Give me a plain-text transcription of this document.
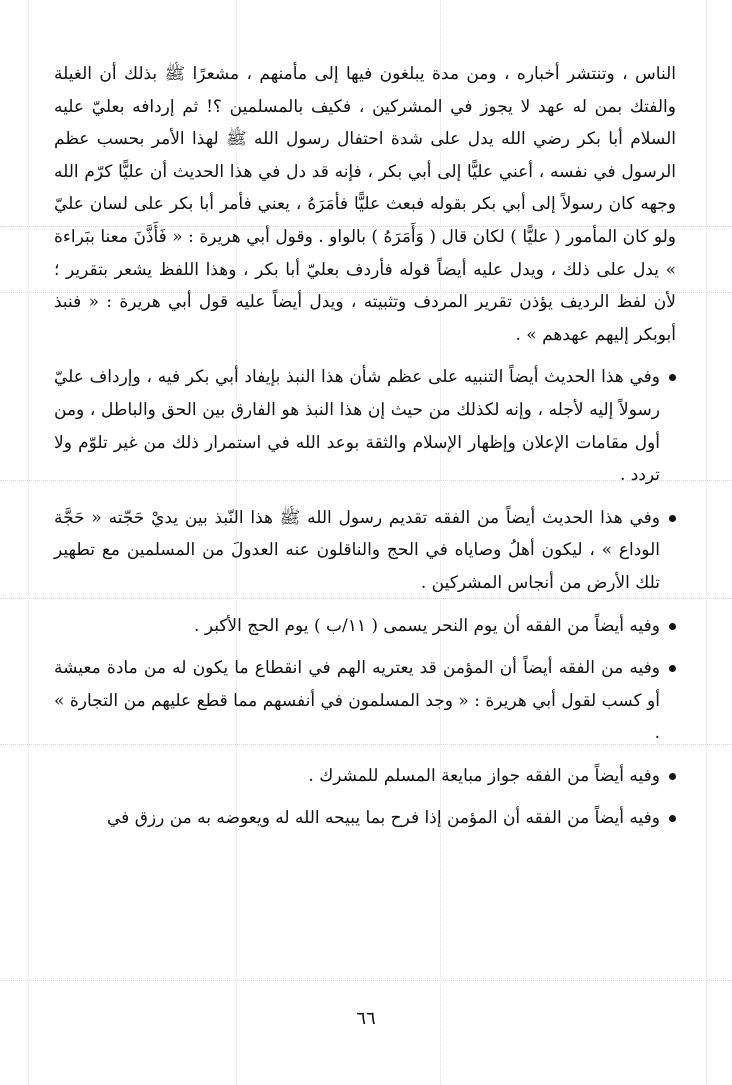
الناس ، وتنتشر أخباره ، ومن مدة يبلغون فيها إلى مأمنهم ، مشعرًا ﷺ بذلك أن الغيلة والفتك بمن له عهد لا يجوز في المشركين ، فكيف بالمسلمين ؟! ثم إردافه بعليّ عليه السلام أبا بكر رضي الله يدل على شدة احتفال رسول الله ﷺ لهذا الأمر بحسب عظم الرسول في نفسه ، أعني عليًّا إلى أبي بكر ، فإنه قد دل في هذا الحديث أن عليًّا كرّم الله وجهه كان رسولاً إلى أبي بكر بقوله فبعث عليًّا فأمَرَهُ ، يعني فأمر أبا بكر على لسان عليّ ولو كان المأمور ( عليًّا ) لكان قال ( وَأَمَرَهُ ) بالواو . وقول أبي هريرة : « فَأَذَّنَ معنا ببَراءة » يدل على ذلك ، ويدل عليه أيضاً قوله فأردف بعليّ أبا بكر ، وهذا اللفظ يشعر بتقرير ؛ لأن لفظ الرديف يؤذن تقرير المردف وتثبيته ، ويدل أيضاً عليه قول أبي هريرة : « فنبذ أبوبكر إليهم عهدهم » .

وفي هذا الحديث أيضاً التنبيه على عظم شأن هذا النبذ بإيفاد أبي بكر فيه ، وإرداف عليّ رسولاً إليه لأجله ، وإنه لكذلك من حيث إن هذا النبذ هو الفارق بين الحق والباطل ، ومن أول مقامات الإعلان وإظهار الإسلام والثقة بوعد الله في استمرار ذلك من غير تلوّم ولا تردد .
وفي هذا الحديث أيضاً من الفقه تقديم رسول الله ﷺ هذا النّبذ بين يديْ حَجّته « حَجَّة الوداع » ، ليكون أهلُ وصاياه في الحج والناقلون عنه العدولَ من المسلمين مع تطهير تلك الأرض من أنجاس المشركين .
وفيه أيضاً من الفقه أن يوم النحر يسمى ( ١١/ب ) يوم الحج الأكبر .
وفيه من الفقه أيضاً أن المؤمن قد يعتريه الهم في انقطاع ما يكون له من مادة معيشة أو كسب لقول أبي هريرة : « وجد المسلمون في أنفسهم مما قطع عليهم من التجارة » .
وفيه أيضاً من الفقه جواز مبايعة المسلم للمشرك .
وفيه أيضاً من الفقه أن المؤمن إذا فرح بما يبيحه الله له ويعوضه به من رزق في
٦٦
